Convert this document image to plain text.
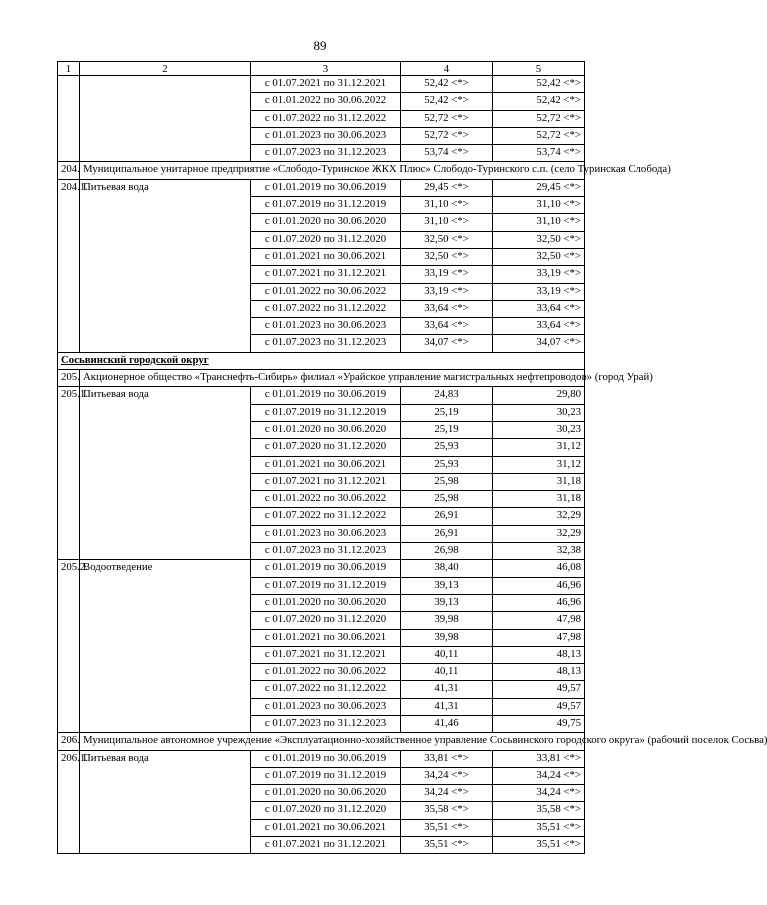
89
1	2	3	4	5
		с 01.07.2021 по 31.12.2021	52,42 <*>	52,42 <*>
		с 01.01.2022 по 30.06.2022	52,42 <*>	52,42 <*>
		с 01.07.2022 по 31.12.2022	52,72 <*>	52,72 <*>
		с 01.01.2023 по 30.06.2023	52,72 <*>	52,72 <*>
		с 01.07.2023 по 31.12.2023	53,74 <*>	53,74 <*>
204.	Муниципальное унитарное предприятие «Слободо-Туринское ЖКХ Плюс» Слободо-Туринского с.п. (село Туринская Слобода)			
204.1.	Питьевая вода	с 01.01.2019 по 30.06.2019	29,45 <*>	29,45 <*>
		с 01.07.2019 по 31.12.2019	31,10 <*>	31,10 <*>
		с 01.01.2020 по 30.06.2020	31,10 <*>	31,10 <*>
		с 01.07.2020 по 31.12.2020	32,50 <*>	32,50 <*>
		с 01.01.2021 по 30.06.2021	32,50 <*>	32,50 <*>
		с 01.07.2021 по 31.12.2021	33,19 <*>	33,19 <*>
		с 01.01.2022 по 30.06.2022	33,19 <*>	33,19 <*>
		с 01.07.2022 по 31.12.2022	33,64 <*>	33,64 <*>
		с 01.01.2023 по 30.06.2023	33,64 <*>	33,64 <*>
		с 01.07.2023 по 31.12.2023	34,07 <*>	34,07 <*>
Сосьвинский городской округ				
205.	Акционерное общество «Транснефть-Сибирь» филиал «Урайское управление магистральных нефтепроводов» (город Урай)			
205.1.	Питьевая вода	с 01.01.2019 по 30.06.2019	24,83	29,80
		с 01.07.2019 по 31.12.2019	25,19	30,23
		с 01.01.2020 по 30.06.2020	25,19	30,23
		с 01.07.2020 по 31.12.2020	25,93	31,12
		с 01.01.2021 по 30.06.2021	25,93	31,12
		с 01.07.2021 по 31.12.2021	25,98	31,18
		с 01.01.2022 по 30.06.2022	25,98	31,18
		с 01.07.2022 по 31.12.2022	26,91	32,29
		с 01.01.2023 по 30.06.2023	26,91	32,29
		с 01.07.2023 по 31.12.2023	26,98	32,38
205.2.	Водоотведение	с 01.01.2019 по 30.06.2019	38,40	46,08
		с 01.07.2019 по 31.12.2019	39,13	46,96
		с 01.01.2020 по 30.06.2020	39,13	46,96
		с 01.07.2020 по 31.12.2020	39,98	47,98
		с 01.01.2021 по 30.06.2021	39,98	47,98
		с 01.07.2021 по 31.12.2021	40,11	48,13
		с 01.01.2022 по 30.06.2022	40,11	48,13
		с 01.07.2022 по 31.12.2022	41,31	49,57
		с 01.01.2023 по 30.06.2023	41,31	49,57
		с 01.07.2023 по 31.12.2023	41,46	49,75
206.	Муниципальное автономное учреждение «Эксплуатационно-хозяйственное управление Сосьвинского городского округа» (рабочий поселок Сосьва)			
206.1.	Питьевая вода	с 01.01.2019 по 30.06.2019	33,81 <*>	33,81 <*>
		с 01.07.2019 по 31.12.2019	34,24 <*>	34,24 <*>
		с 01.01.2020 по 30.06.2020	34,24 <*>	34,24 <*>
		с 01.07.2020 по 31.12.2020	35,58 <*>	35,58 <*>
		с 01.01.2021 по 30.06.2021	35,51 <*>	35,51 <*>
		с 01.07.2021 по 31.12.2021	35,51 <*>	35,51 <*>
